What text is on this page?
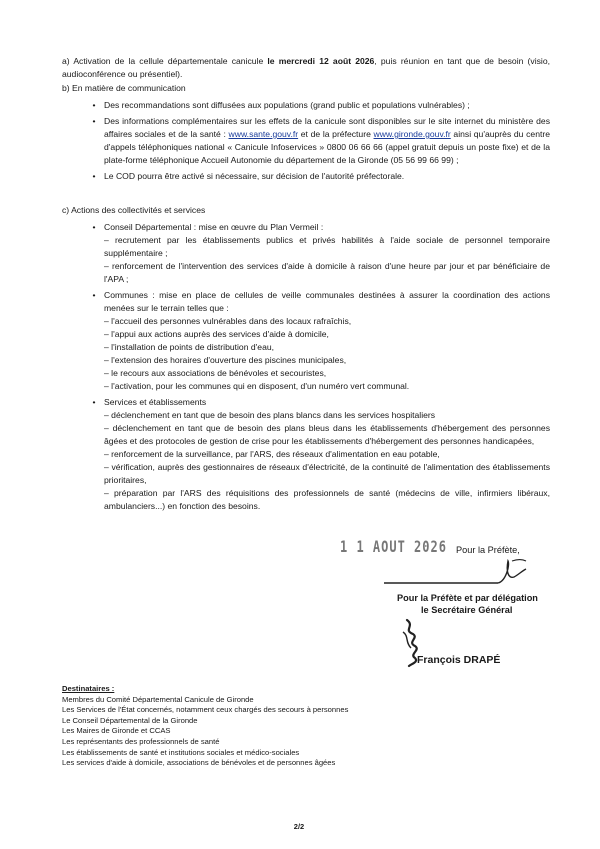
a) Activation de la cellule départementale canicule le mercredi 12 août 2026, puis réunion en tant que de besoin (visio, audioconférence ou présentiel).
b) En matière de communication
• Des recommandations sont diffusées aux populations (grand public et populations vulnérables) ;
• Des informations complémentaires sur les effets de la canicule sont disponibles sur le site internet du ministère des affaires sociales et de la santé : www.sante.gouv.fr et de la préfecture www.gironde.gouv.fr ainsi qu'auprès du centre d'appels téléphoniques national « Canicule Infoservices » 0800 06 66 66 (appel gratuit depuis un poste fixe) et de la plate-forme téléphonique Accueil Autonomie du département de la Gironde (05 56 99 66 99) ;
• Le COD pourra être activé si nécessaire, sur décision de l'autorité préfectorale.
c) Actions des collectivités et services
• Conseil Départemental : mise en œuvre du Plan Vermeil :
– recrutement par les établissements publics et privés habilités à l'aide sociale de personnel temporaire supplémentaire ;
– renforcement de l'intervention des services d'aide à domicile à raison d'une heure par jour et par bénéficiaire de l'APA ;
• Communes : mise en place de cellules de veille communales destinées à assurer la coordination des actions menées sur le terrain telles que :
– l'accueil des personnes vulnérables dans des locaux rafraîchis,
– l'appui aux actions auprès des services d'aide à domicile,
– l'installation de points de distribution d'eau,
– l'extension des horaires d'ouverture des piscines municipales,
– le recours aux associations de bénévoles et secouristes,
– l'activation, pour les communes qui en disposent, d'un numéro vert communal.
• Services et établissements
– déclenchement en tant que de besoin des plans blancs dans les services hospitaliers
– déclenchement en tant que de besoin des plans bleus dans les établissements d'hébergement des personnes âgées et des protocoles de gestion de crise pour les établissements d'hébergement des personnes handicapées,
– renforcement de la surveillance, par l'ARS, des réseaux d'alimentation en eau potable,
– vérification, auprès des gestionnaires de réseaux d'électricité, de la continuité de l'alimentation des établissements prioritaires,
– préparation par l'ARS des réquisitions des professionnels de santé (médecins de ville, infirmiers libéraux, ambulanciers...) en fonction des besoins.
1 1 AOUT 2026 Pour la Préfète,
Pour la Préfète et par délégation
le Secrétaire Général
François DRAPÉ
Destinataires :
Membres du Comité Départemental Canicule de Gironde
Les Services de l'État concernés, notamment ceux chargés des secours à personnes
Le Conseil Départemental de la Gironde
Les Maires de Gironde et CCAS
Les représentants des professionnels de santé
Les établissements de santé et institutions sociales et médico-sociales
Les services d'aide à domicile, associations de bénévoles et de personnes âgées
2/2
